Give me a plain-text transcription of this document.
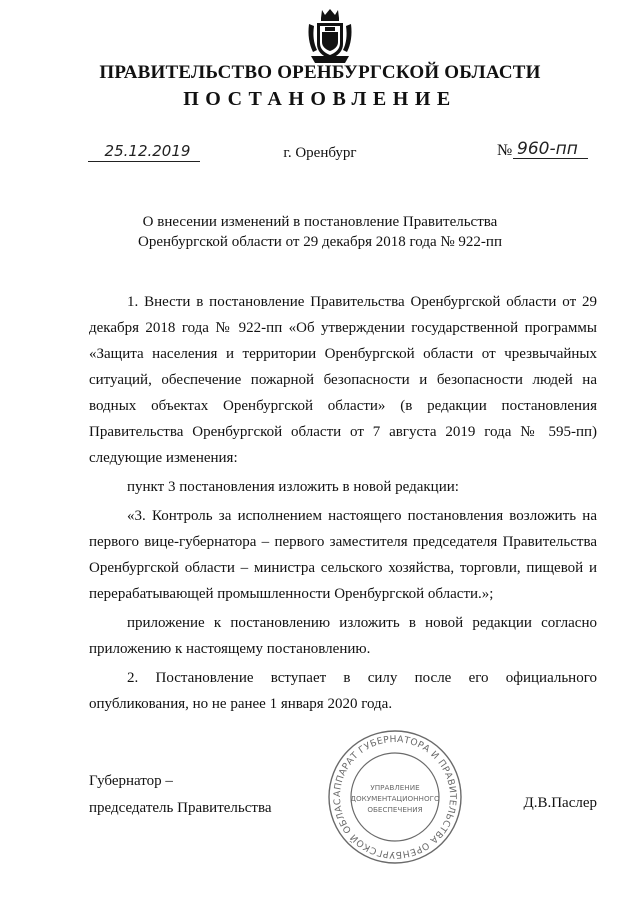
ПРАВИТЕЛЬСТВО ОРЕНБУРГСКОЙ ОБЛАСТИ
ПОСТАНОВЛЕНИЕ
25.12.2019	г. Оренбург	№ 960-пп
О внесении изменений в постановление Правительства
Оренбургской области от 29 декабря 2018 года № 922-пп

1. Внести в постановление Правительства Оренбургской области от 29 декабря 2018 года № 922-пп «Об утверждении государственной программы «Защита населения и территории Оренбургской области от чрезвычайных ситуаций, обеспечение пожарной безопасности и безопасности людей на водных объектах Оренбургской области» (в редакции постановления Правительства Оренбургской области от 7 августа 2019 года № 595-пп) следующие изменения:

пункт 3 постановления изложить в новой редакции:

«3. Контроль за исполнением настоящего постановления возложить на первого вице-губернатора – первого заместителя председателя Правительства Оренбургской области – министра сельского хозяйства, торговли, пищевой и перерабатывающей промышленности Оренбургской области.»;

приложение к постановлению изложить в новой редакции согласно приложению к настоящему постановлению.

2. Постановление вступает в силу после его официального опубликования, но не ранее 1 января 2020 года.

Губернатор –
председатель Правительства	Д.В.Паслер
АППАРАТ ГУБЕРНАТОРА И ПРАВИТЕЛЬСТВА ОРЕНБУРГСКОЙ ОБЛАС
УПРАВЛЕНИЕ
ДОКУМЕНТАЦИОННОГО
ОБЕСПЕЧЕНИЯ
